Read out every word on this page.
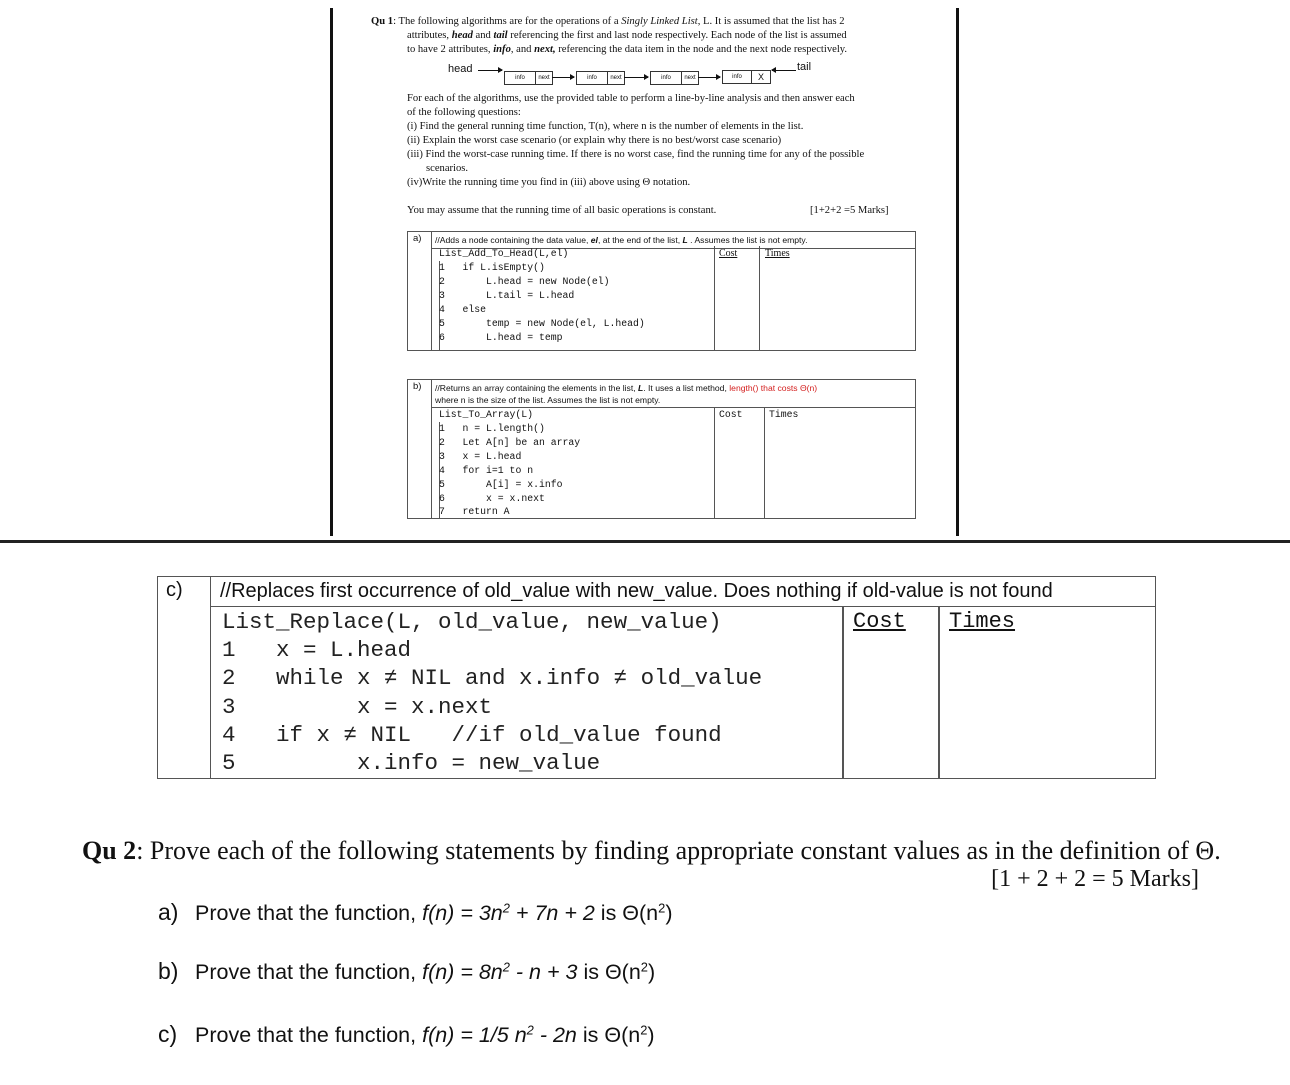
Qu 1: The following algorithms are for the operations of a Singly Linked List, L. It is assumed that the list has 2
attributes, head and tail referencing the first and last node respectively. Each node of the list is assumed
to have 2 attributes, info, and next, referencing the data item in the node and the next node respectively.
head
info	next	info	next	info	next	info	X
tail
For each of the algorithms, use the provided table to perform a line-by-line analysis and then answer each
of the following questions:
(i) Find the general running time function, T(n), where n is the number of elements in the list.
(ii) Explain the worst case scenario (or explain why there is no best/worst case scenario)
(iii) Find the worst-case running time. If there is no worst case, find the running time for any of the possible
scenarios.
(iv)Write the running time you find in (iii) above using Θ notation.
You may assume that the running time of all basic operations is constant.	[1+2+2 =5 Marks]
a)	//Adds a node containing the data value, el, at the end of the list, L . Assumes the list is not empty.
List_Add_To_Head(L,el)	Cost	Times
1   if L.isEmpty()
2       L.head = new Node(el)
3       L.tail = L.head
4   else
5       temp = new Node(el, L.head)
6       L.head = temp
b) //Returns an array containing the elements in the list, L. It uses a list method, length() that costs Θ(n)
where n is the size of the list. Assumes the list is not empty.
List_To_Array(L)	Cost	Times
1   n = L.length()
2   Let A[n] be an array
3   x = L.head
4   for i=1 to n
5       A[i] = x.info
6       x = x.next
7   return A
c)	//Replaces first occurrence of old_value with new_value. Does nothing if old-value is not found
List_Replace(L, old_value, new_value)	Cost Times
1   x = L.head
2   while x ≠ NIL and x.info ≠ old_value
3         x = x.next
4   if x ≠ NIL   //if old_value found
5         x.info = new_value
Qu 2: Prove each of the following statements by finding appropriate constant values as in the definition of Θ.
[1 + 2 + 2 = 5 Marks]
a) Prove that the function, $f(n) = 3n^2 + 7n + 2$ is $\Theta(n^2)$
b) Prove that the function, $f(n) = 8n^2 - n + 3$ is $\Theta(n^2)$
c) Prove that the function, f(n) = 1/5 $n^2 - 2n$ is $\Theta(n^2)$
